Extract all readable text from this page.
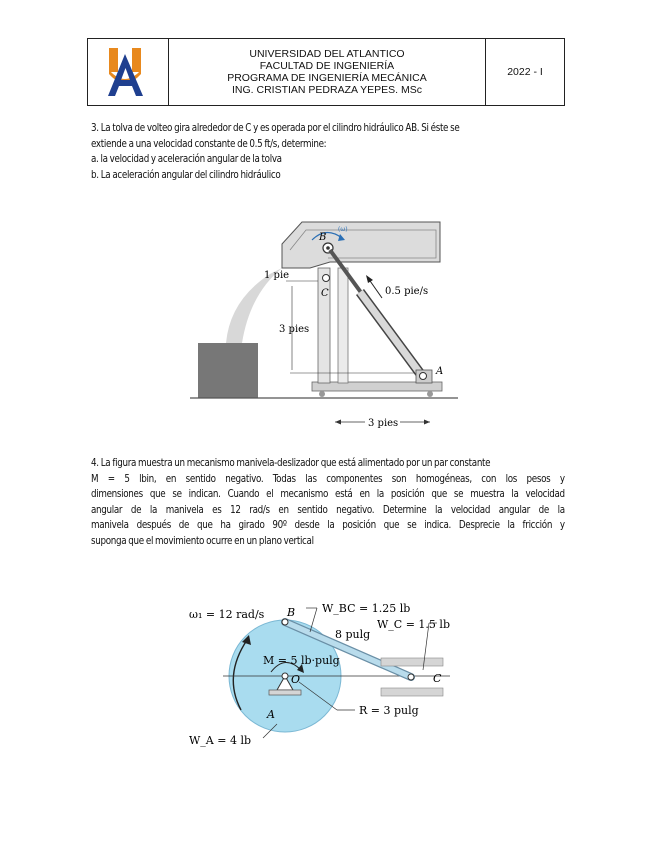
UNIVERSIDAD DEL ATLANTICO
FACULTAD DE INGENIERÍA
PROGRAMA DE INGENIERÍA MECÁNICA
ING. CRISTIAN PEDRAZA YEPES. MSc
2022 - I
3. La tolva de volteo gira alrededor de C y es operada por el cilindro hidráulico AB. Si éste se
extiende a una velocidad constante de 0.5 ft/s, determine:
a. la velocidad y aceleración angular de la tolva
b. La aceleración angular del cilindro hidráulico
B
(ω)
1 pie
C	0.5 pie/s
3 pies
A
3 pies
4. La figura muestra un mecanismo manivela-deslizador que está alimentado por un par constante
M = 5 lbin, en sentido negativo. Todas las componentes son homogéneas, con los pesos y
dimensiones que se indican. Cuando el mecanismo está en la posición que se muestra la velocidad
angular de la manivela es 12 rad/s en sentido negativo. Determine la velocidad angular de la
manivela después de que ha girado 90º desde la posición que se indica. Desprecie la fricción y
suponga que el movimiento ocurre en un plano vertical
ω₁ = 12 rad/s B W_BC = 1.25 lb
8 pulg
W_C = 1.5 lb
M = 5 lb·pulg
O	C
A	R = 3 pulg
W_A = 4 lb
